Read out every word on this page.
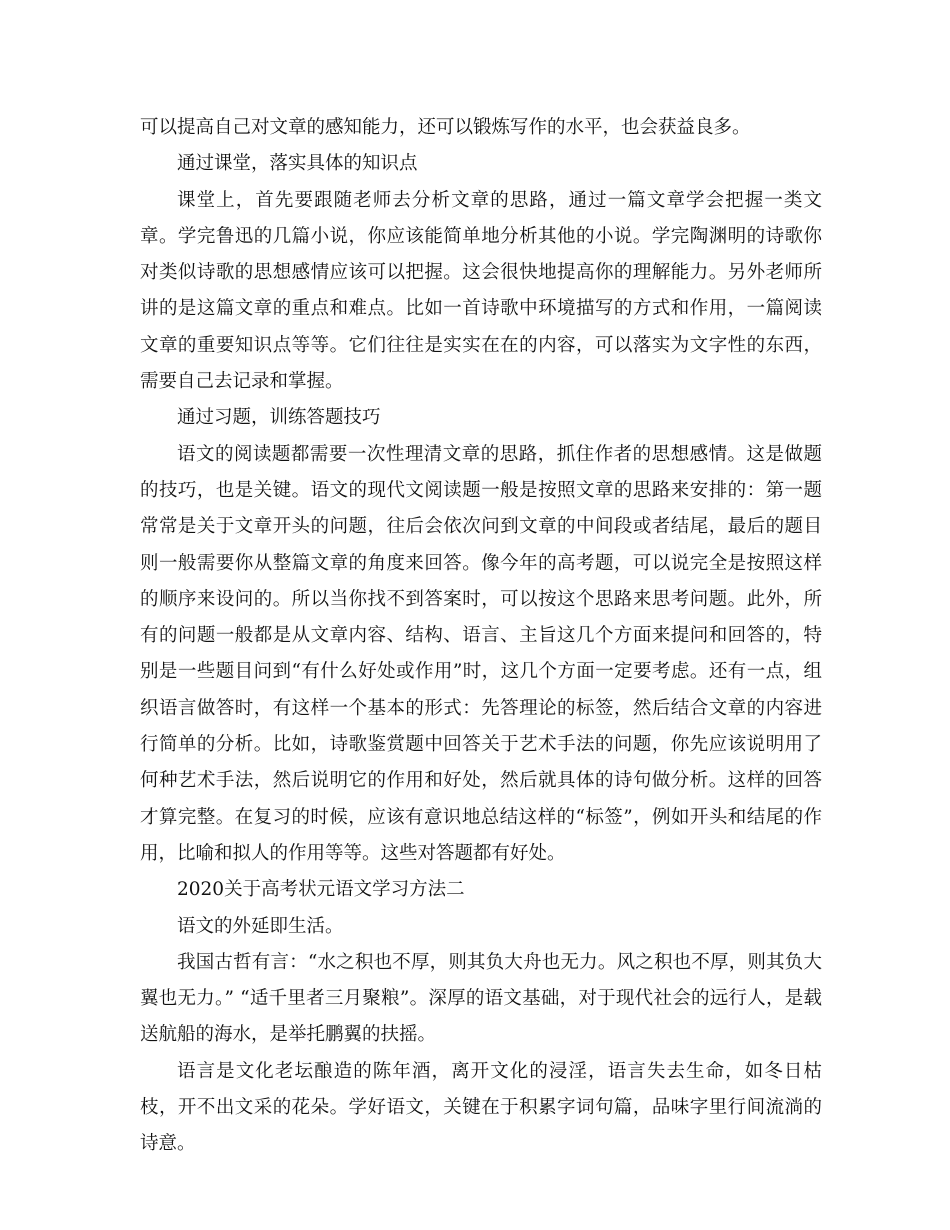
可以提高自己对文章的感知能力，还可以锻炼写作的水平，也会获益良多。

通过课堂，落实具体的知识点

课堂上，首先要跟随老师去分析文章的思路，通过一篇文章学会把握一类文章。学完鲁迅的几篇小说，你应该能简单地分析其他的小说。学完陶渊明的诗歌你对类似诗歌的思想感情应该可以把握。这会很快地提高你的理解能力。另外老师所讲的是这篇文章的重点和难点。比如一首诗歌中环境描写的方式和作用，一篇阅读文章的重要知识点等等。它们往往是实实在在的内容，可以落实为文字性的东西，需要自己去记录和掌握。

通过习题，训练答题技巧

语文的阅读题都需要一次性理清文章的思路，抓住作者的思想感情。这是做题的技巧，也是关键。语文的现代文阅读题一般是按照文章的思路来安排的：第一题常常是关于文章开头的问题，往后会依次问到文章的中间段或者结尾，最后的题目则一般需要你从整篇文章的角度来回答。像今年的高考题，可以说完全是按照这样的顺序来设问的。所以当你找不到答案时，可以按这个思路来思考问题。此外，所有的问题一般都是从文章内容、结构、语言、主旨这几个方面来提问和回答的，特别是一些题目问到“有什么好处或作用”时，这几个方面一定要考虑。还有一点，组织语言做答时，有这样一个基本的形式：先答理论的标签，然后结合文章的内容进行简单的分析。比如，诗歌鉴赏题中回答关于艺术手法的问题，你先应该说明用了何种艺术手法，然后说明它的作用和好处，然后就具体的诗句做分析。这样的回答才算完整。在复习的时候，应该有意识地总结这样的“标签”，例如开头和结尾的作用，比喻和拟人的作用等等。这些对答题都有好处。

2020关于高考状元语文学习方法二

语文的外延即生活。

我国古哲有言：“水之积也不厚，则其负大舟也无力。风之积也不厚，则其负大翼也无力。” “适千里者三月聚粮”。深厚的语文基础，对于现代社会的远行人，是载送航船的海水，是举托鹏翼的扶摇。

语言是文化老坛酿造的陈年酒，离开文化的浸淫，语言失去生命，如冬日枯枝，开不出文采的花朵。学好语文，关键在于积累字词句篇，品味字里行间流淌的诗意。
